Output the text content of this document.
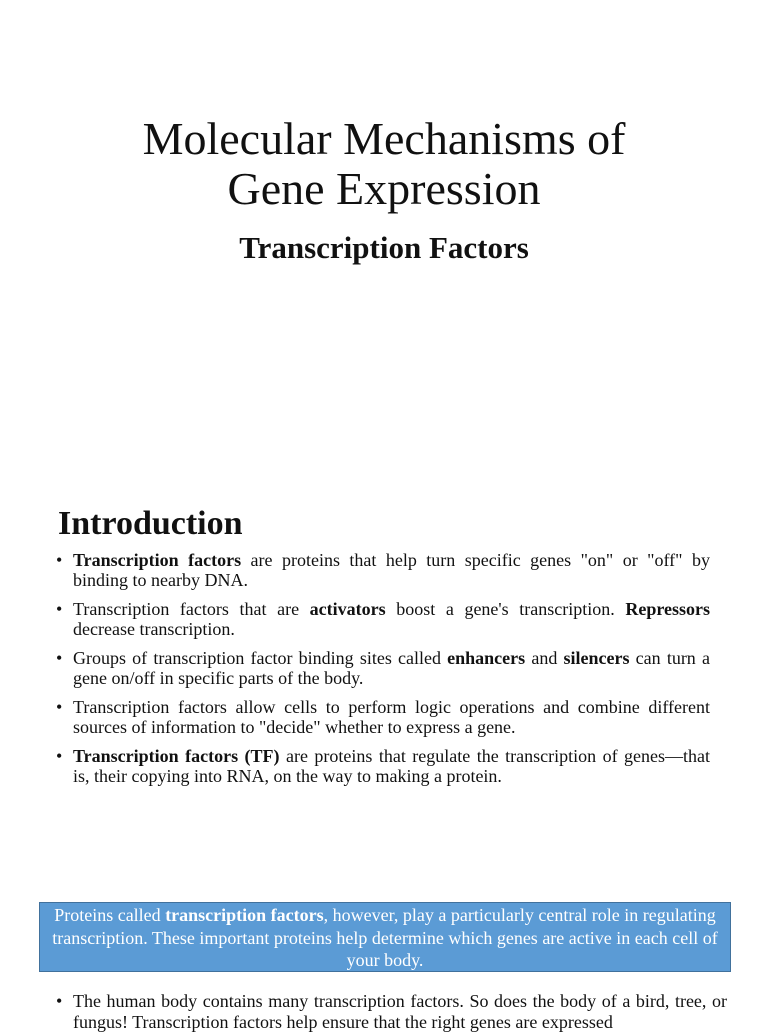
Molecular Mechanisms of
Gene Expression
Transcription Factors
Introduction
• Transcription factors are proteins that help turn specific genes "on" or "off" by binding to nearby DNA.
• Transcription factors that are activators boost a gene's transcription. Repressors decrease transcription.
• Groups of transcription factor binding sites called enhancers and silencers can turn a gene on/off in specific parts of the body.
• Transcription factors allow cells to perform logic operations and combine different sources of information to "decide" whether to express a gene.
• Transcription factors (TF) are proteins that regulate the transcription of genes—that is, their copying into RNA, on the way to making a protein.
Proteins called transcription factors, however, play a particularly central role in regulating transcription. These important proteins help determine which genes are active in each cell of your body.
• The human body contains many transcription factors. So does the body of a bird, tree, or fungus! Transcription factors help ensure that the right genes are expressed
